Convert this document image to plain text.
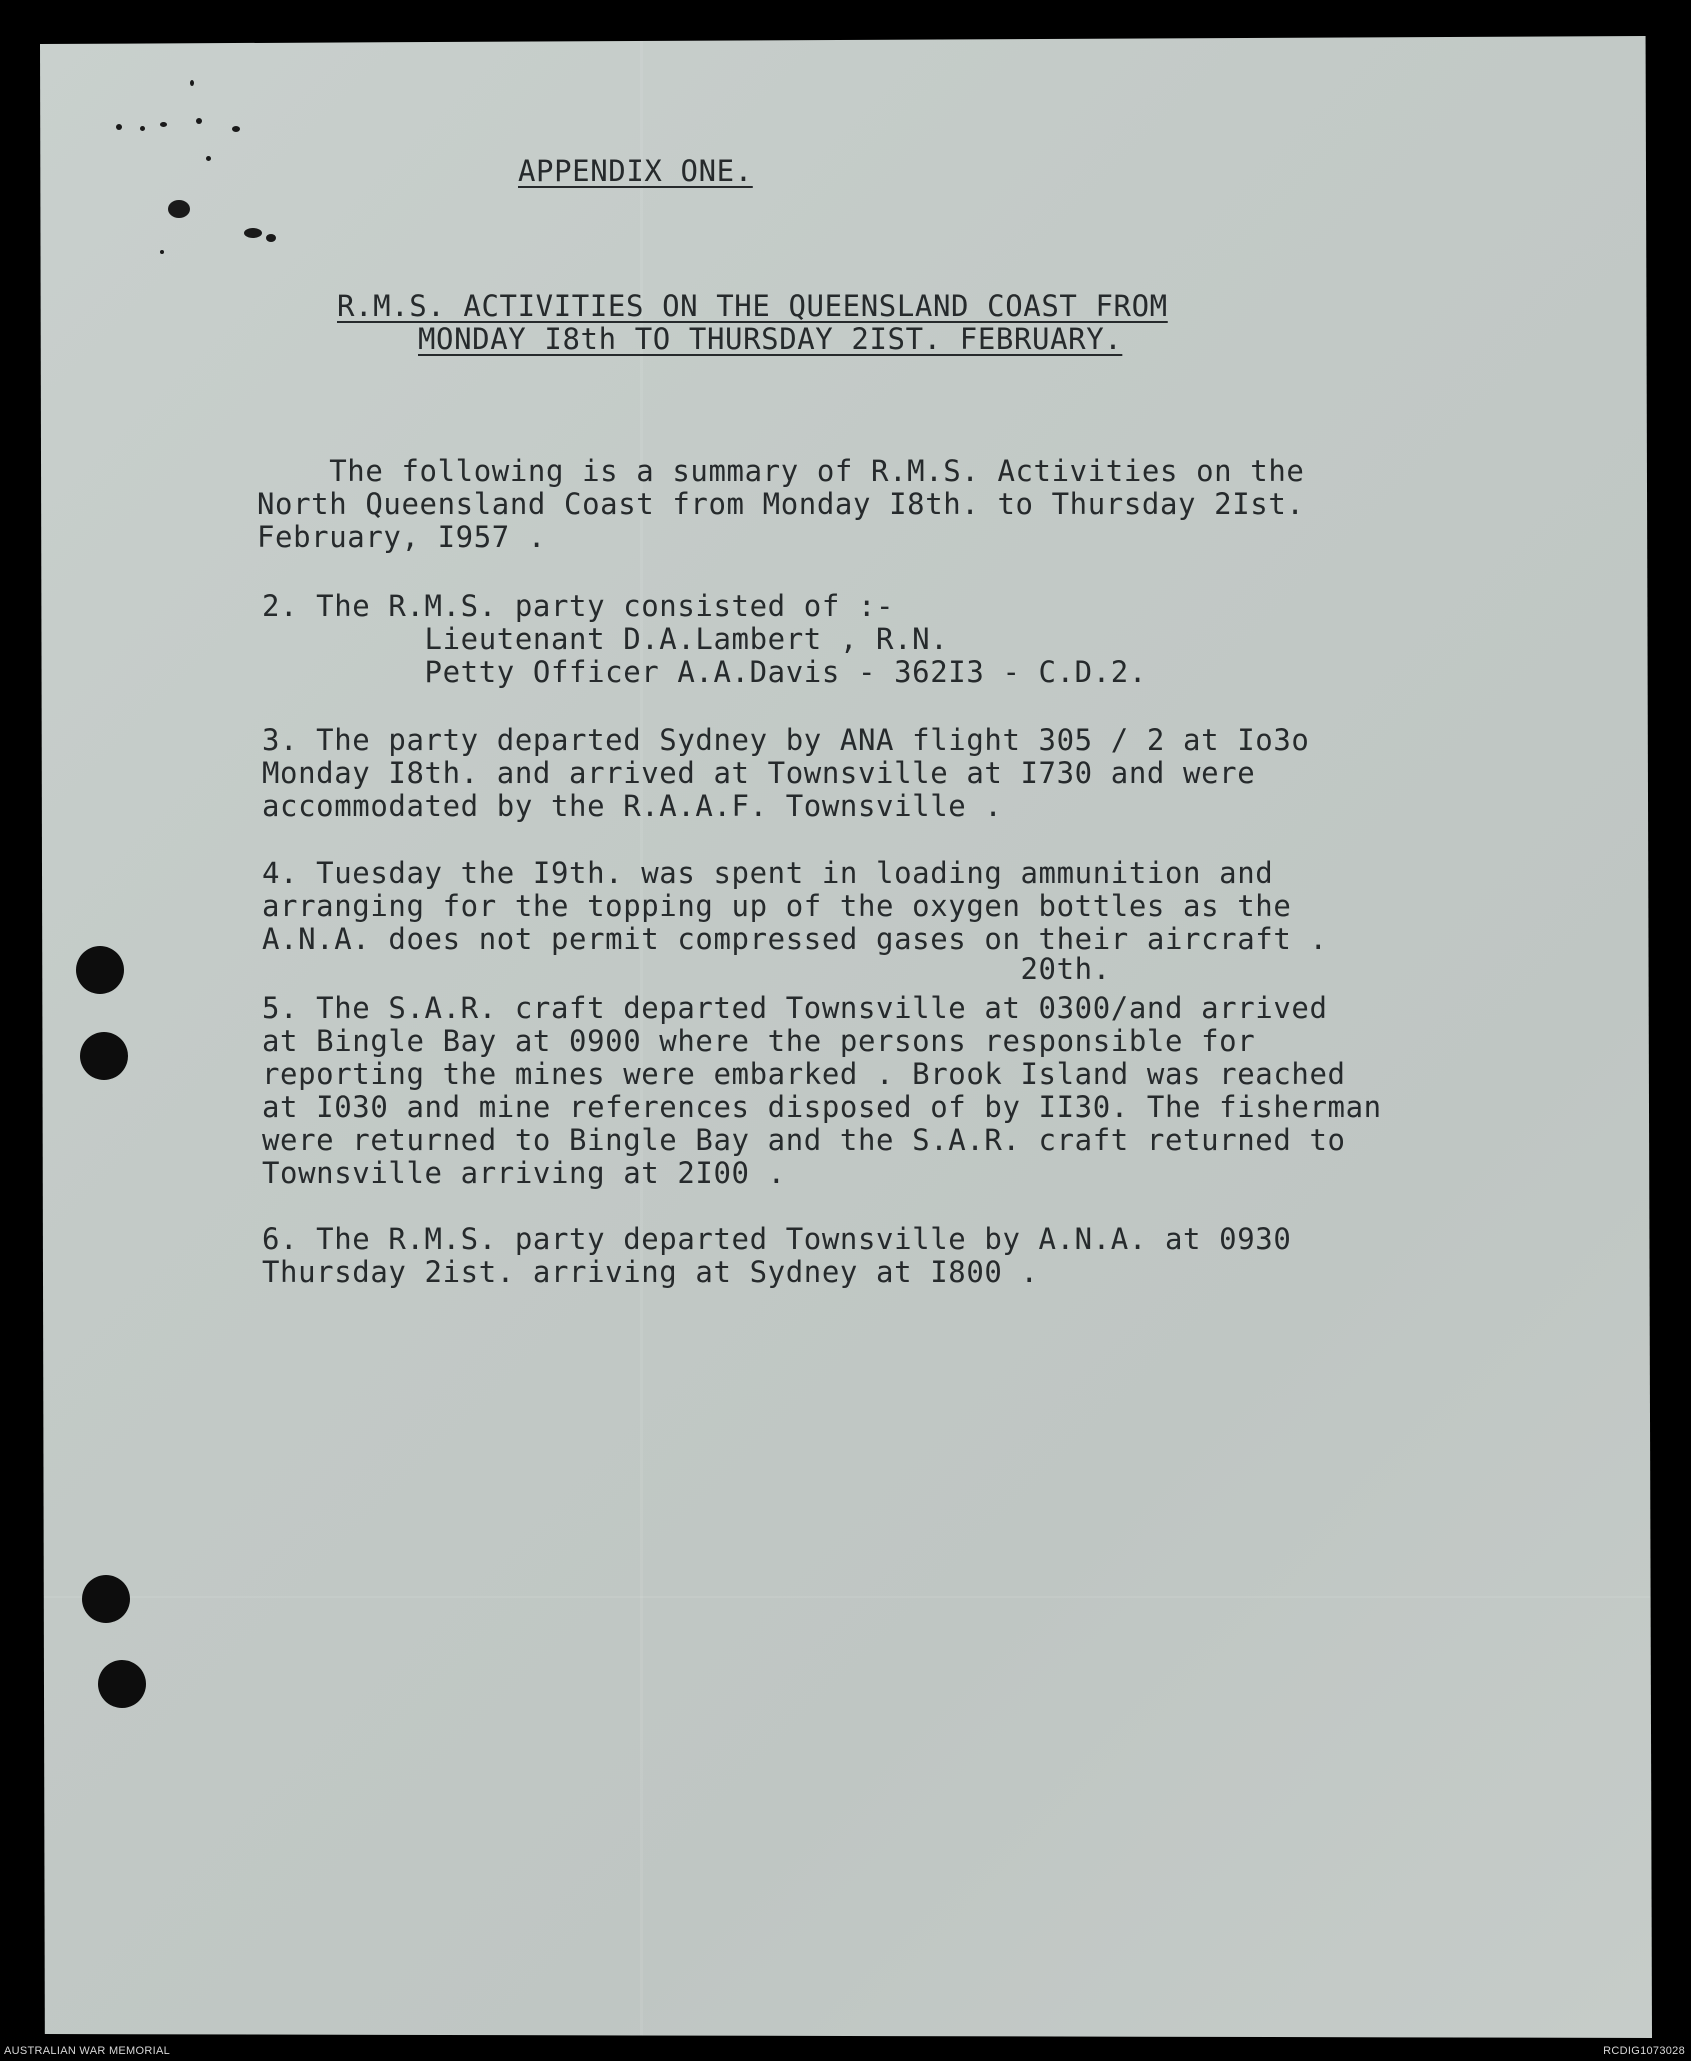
APPENDIX ONE.

R.M.S. ACTIVITIES ON THE QUEENSLAND COAST FROM

MONDAY I8th TO THURSDAY 2IST. FEBRUARY.

The following is a summary of R.M.S. Activities on the

North Queensland Coast from Monday I8th. to Thursday 2Ist.

February, I957 .

2. The R.M.S. party consisted of :-

Lieutenant D.A.Lambert , R.N.

Petty Officer A.A.Davis - 362I3 - C.D.2.

3. The party departed Sydney by ANA flight 305 / 2 at Io3o

Monday I8th. and arrived at Townsville at I730 and were

accommodated by the R.A.A.F. Townsville .

4. Tuesday the I9th. was spent in loading ammunition and

arranging for the topping up of the oxygen bottles as the

A.N.A. does not permit compressed gases on their aircraft .

20th.

5. The S.A.R. craft departed Townsville at 0300/and arrived

at Bingle Bay at 0900 where the persons responsible for

reporting the mines were embarked . Brook Island was reached

at I030 and mine references disposed of by II30. The fisherman

were returned to Bingle Bay and the S.A.R. craft returned to

Townsville arriving at 2I00 .

6. The R.M.S. party departed Townsville by A.N.A. at 0930

Thursday 2ist. arriving at Sydney at I800 .

AUSTRALIAN WAR MEMORIAL	RCDIG1073028
